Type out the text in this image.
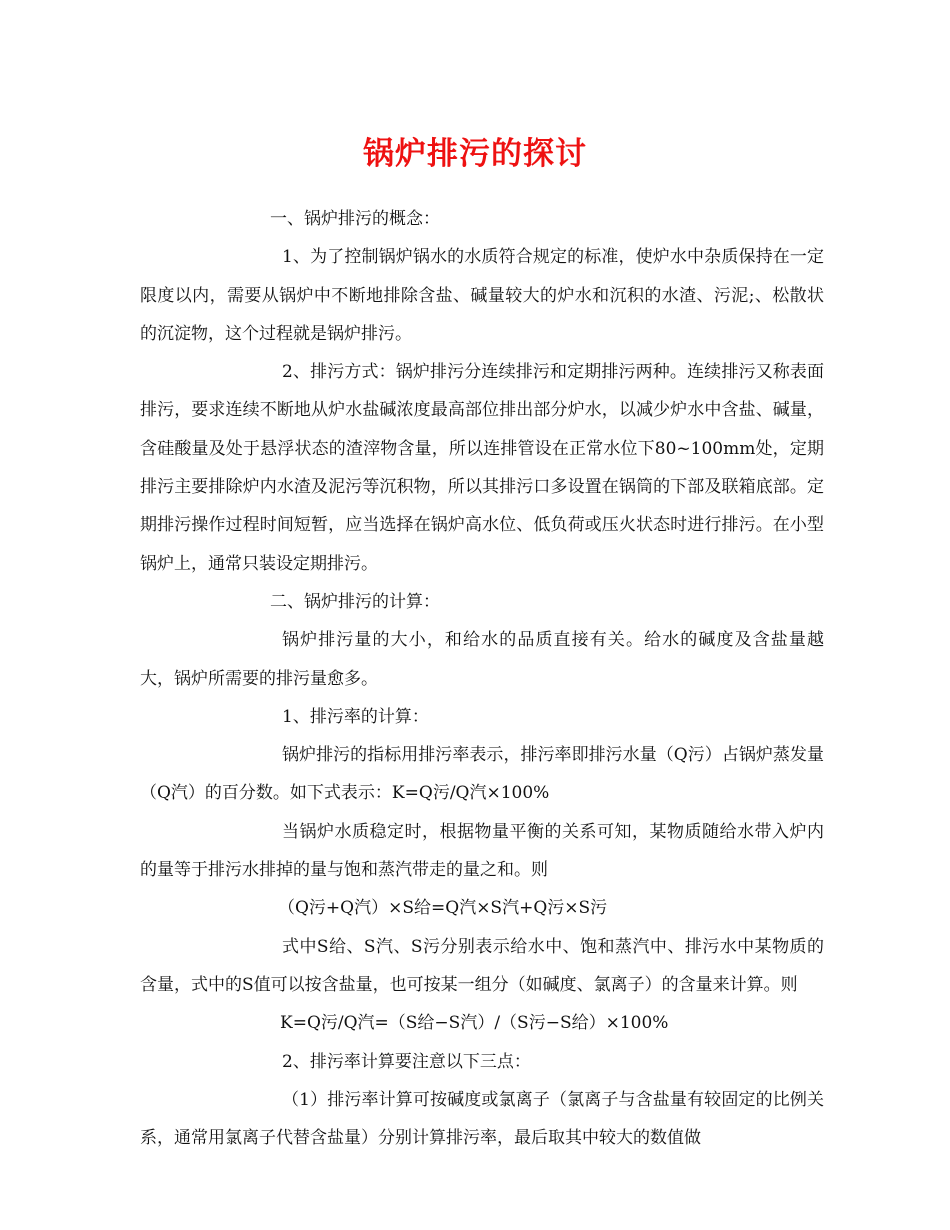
锅炉排污的探讨

一、锅炉排污的概念：

1、为了控制锅炉锅水的水质符合规定的标准，使炉水中杂质保持在一定限度以内，需要从锅炉中不断地排除含盐、碱量较大的炉水和沉积的水渣、污泥;、松散状的沉淀物，这个过程就是锅炉排污。

2、排污方式：锅炉排污分连续排污和定期排污两种。连续排污又称表面排污，要求连续不断地从炉水盐碱浓度最高部位排出部分炉水，以减少炉水中含盐、碱量，含硅酸量及处于悬浮状态的渣滓物含量，所以连排管设在正常水位下80~100mm处，定期排污主要排除炉内水渣及泥污等沉积物，所以其排污口多设置在锅筒的下部及联箱底部。定期排污操作过程时间短暂，应当选择在锅炉高水位、低负荷或压火状态时进行排污。在小型锅炉上，通常只装设定期排污。

二、锅炉排污的计算：

锅炉排污量的大小，和给水的品质直接有关。给水的碱度及含盐量越大，锅炉所需要的排污量愈多。

1、排污率的计算：

锅炉排污的指标用排污率表示，排污率即排污水量（Q污）占锅炉蒸发量（Q汽）的百分数。如下式表示：K=Q污/Q汽×100%

当锅炉水质稳定时，根据物量平衡的关系可知，某物质随给水带入炉内的量等于排污水排掉的量与饱和蒸汽带走的量之和。则

（Q污+Q汽）×S给=Q汽×S汽+Q污×S污

式中S给、S汽、S污分别表示给水中、饱和蒸汽中、排污水中某物质的含量，式中的S值可以按含盐量，也可按某一组分（如碱度、氯离子）的含量来计算。则

K=Q污/Q汽=（S给−S汽）/（S污−S给）×100%

2、排污率计算要注意以下三点：

（1）排污率计算可按碱度或氯离子（氯离子与含盐量有较固定的比例关系，通常用氯离子代替含盐量）分别计算排污率，最后取其中较大的数值做
